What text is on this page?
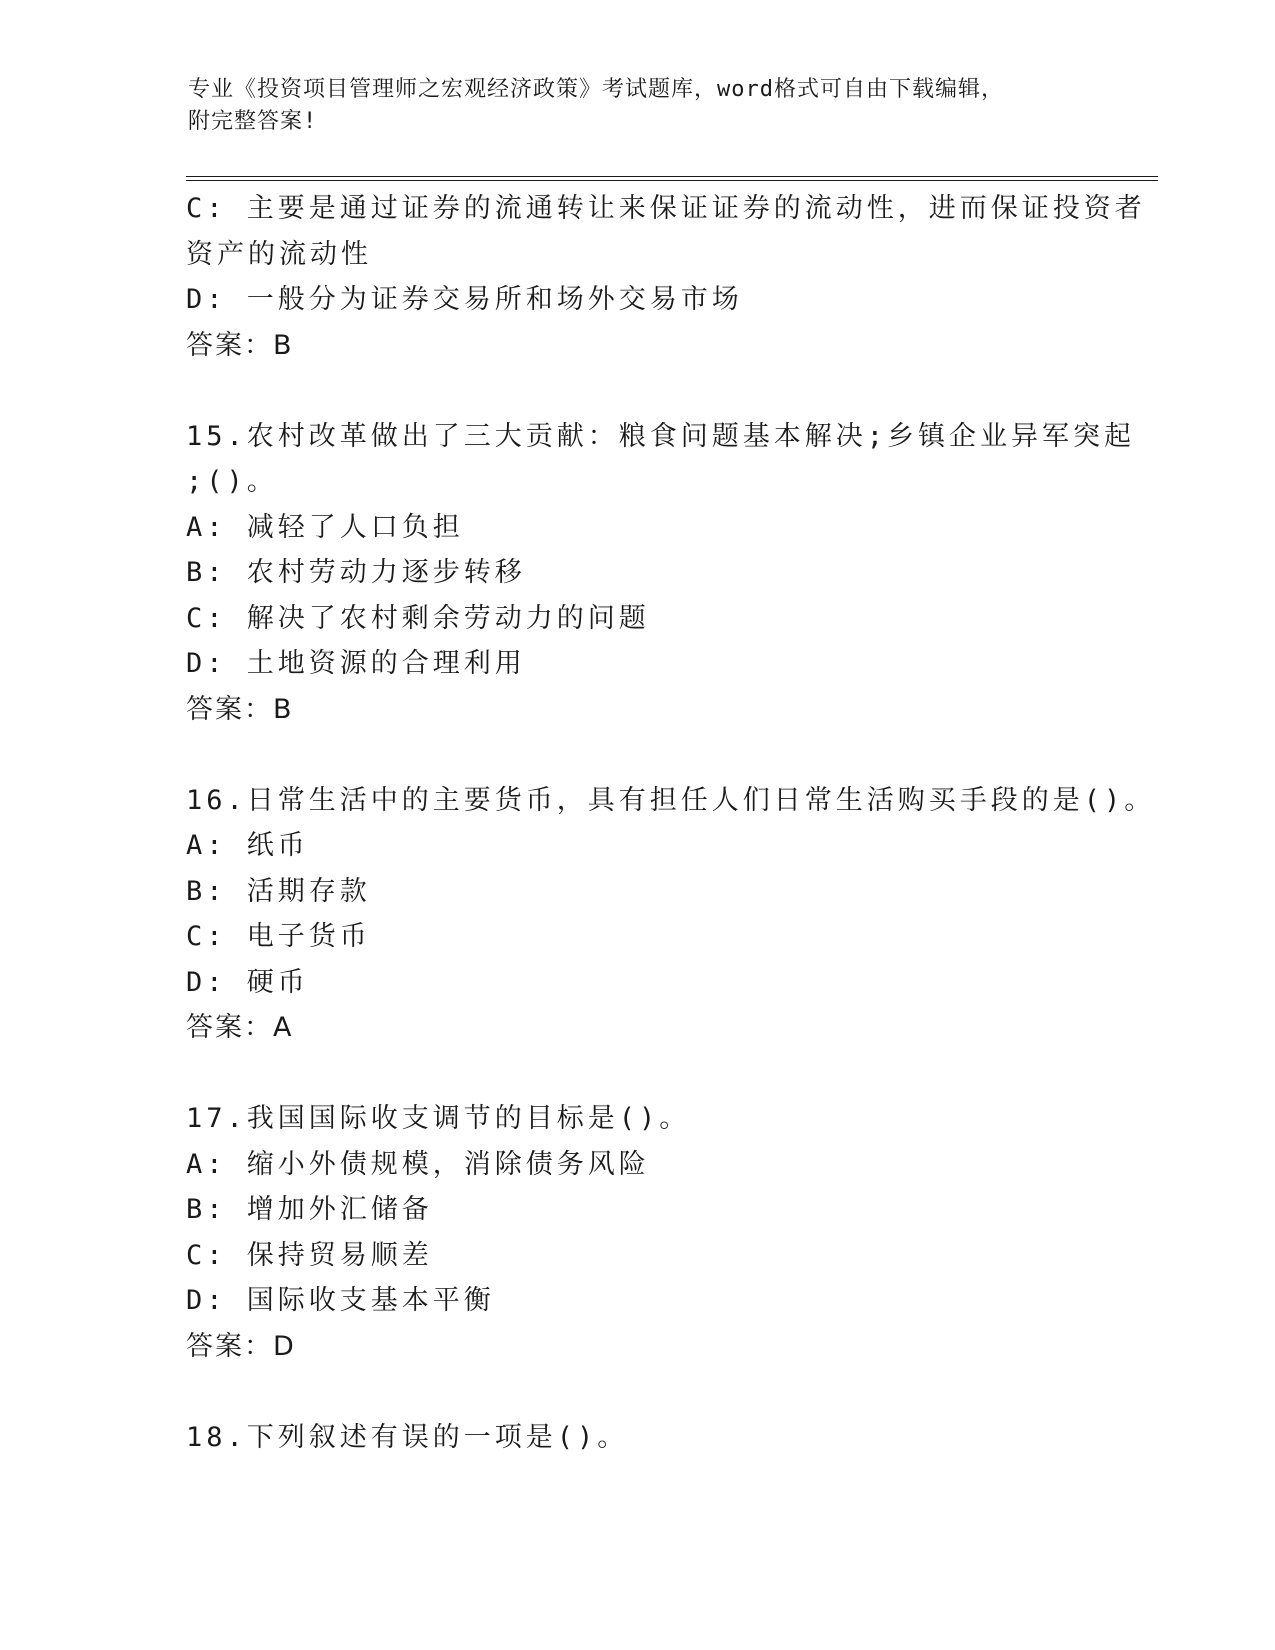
专业《投资项目管理师之宏观经济政策》考试题库，word格式可自由下载编辑，
附完整答案!
C: 主要是通过证券的流通转让来保证证券的流动性，进而保证投资者
资产的流动性
D: 一般分为证券交易所和场外交易市场
答案：B
15.农村改革做出了三大贡献：粮食问题基本解决;乡镇企业异军突起
;()。
A: 减轻了人口负担
B: 农村劳动力逐步转移
C: 解决了农村剩余劳动力的问题
D: 土地资源的合理利用
答案：B
16.日常生活中的主要货币，具有担任人们日常生活购买手段的是()。
A: 纸币
B: 活期存款
C: 电子货币
D: 硬币
答案：A
17.我国国际收支调节的目标是()。
A: 缩小外债规模，消除债务风险
B: 增加外汇储备
C: 保持贸易顺差
D: 国际收支基本平衡
答案：D
18.下列叙述有误的一项是()。
